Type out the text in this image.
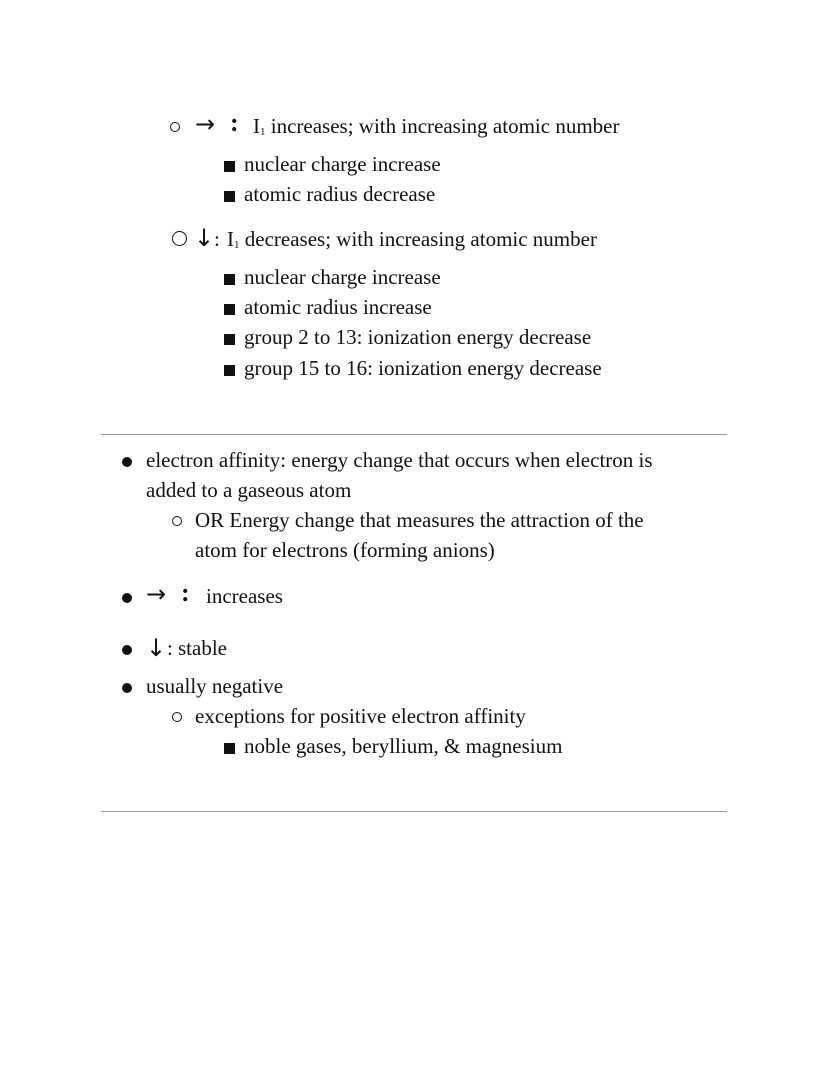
→ : I1 increases; with increasing atomic number
nuclear charge increase
atomic radius decrease
↓ : I1 decreases; with increasing atomic number
nuclear charge increase
atomic radius increase
group 2 to 13: ionization energy decrease
group 15 to 16: ionization energy decrease
electron affinity: energy change that occurs when electron is
added to a gaseous atom
OR Energy change that measures the attraction of the
atom for electrons (forming anions)
→ : increases
↓ : stable
usually negative
exceptions for positive electron affinity
noble gases, beryllium, & magnesium
